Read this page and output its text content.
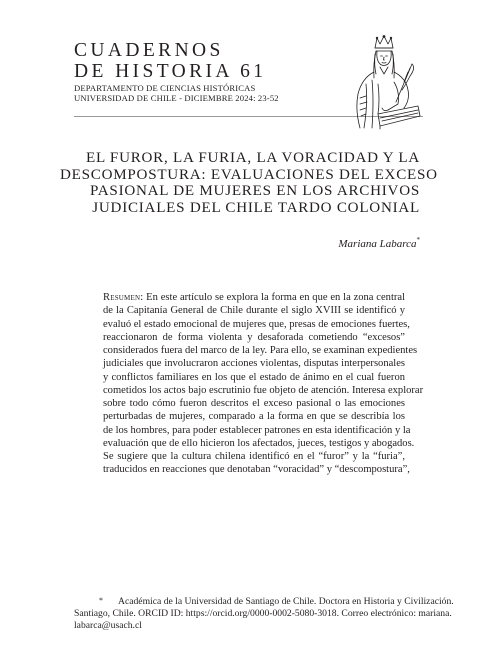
CUADERNOS
DE HISTORIA 61
DEPARTAMENTO DE CIENCIAS HISTÓRICAS
UNIVERSIDAD DE CHILE - DICIEMBRE 2024: 23-52
EL FUROR, LA FURIA, LA VORACIDAD Y LA
DESCOMPOSTURA: EVALUACIONES DEL EXCESO
PASIONAL DE MUJERES EN LOS ARCHIVOS
JUDICIALES DEL CHILE TARDO COLONIAL
Mariana Labarca*
Resumen: En este artículo se explora la forma en que en la zona central
de la Capitanía General de Chile durante el siglo XVIII se identificó y
evaluó el estado emocional de mujeres que, presas de emociones fuertes,
reaccionaron de forma violenta y desaforada cometiendo “excesos”
considerados fuera del marco de la ley. Para ello, se examinan expedientes
judiciales que involucraron acciones violentas, disputas interpersonales
y conflictos familiares en los que el estado de ánimo en el cual fueron
cometidos los actos bajo escrutinio fue objeto de atención. Interesa explorar
sobre todo cómo fueron descritos el exceso pasional o las emociones
perturbadas de mujeres, comparado a la forma en que se describía los
de los hombres, para poder establecer patrones en esta identificación y la
evaluación que de ello hicieron los afectados, jueces, testigos y abogados.
Se sugiere que la cultura chilena identificó en el “furor” y la “furia”,
traducidos en reacciones que denotaban “voracidad” y “descompostura”,
*	Académica de la Universidad de Santiago de Chile. Doctora en Historia y Civilización.
Santiago, Chile. ORCID ID: https://orcid.org/0000-0002-5080-3018. Correo electrónico: mariana.
labarca@usach.cl
